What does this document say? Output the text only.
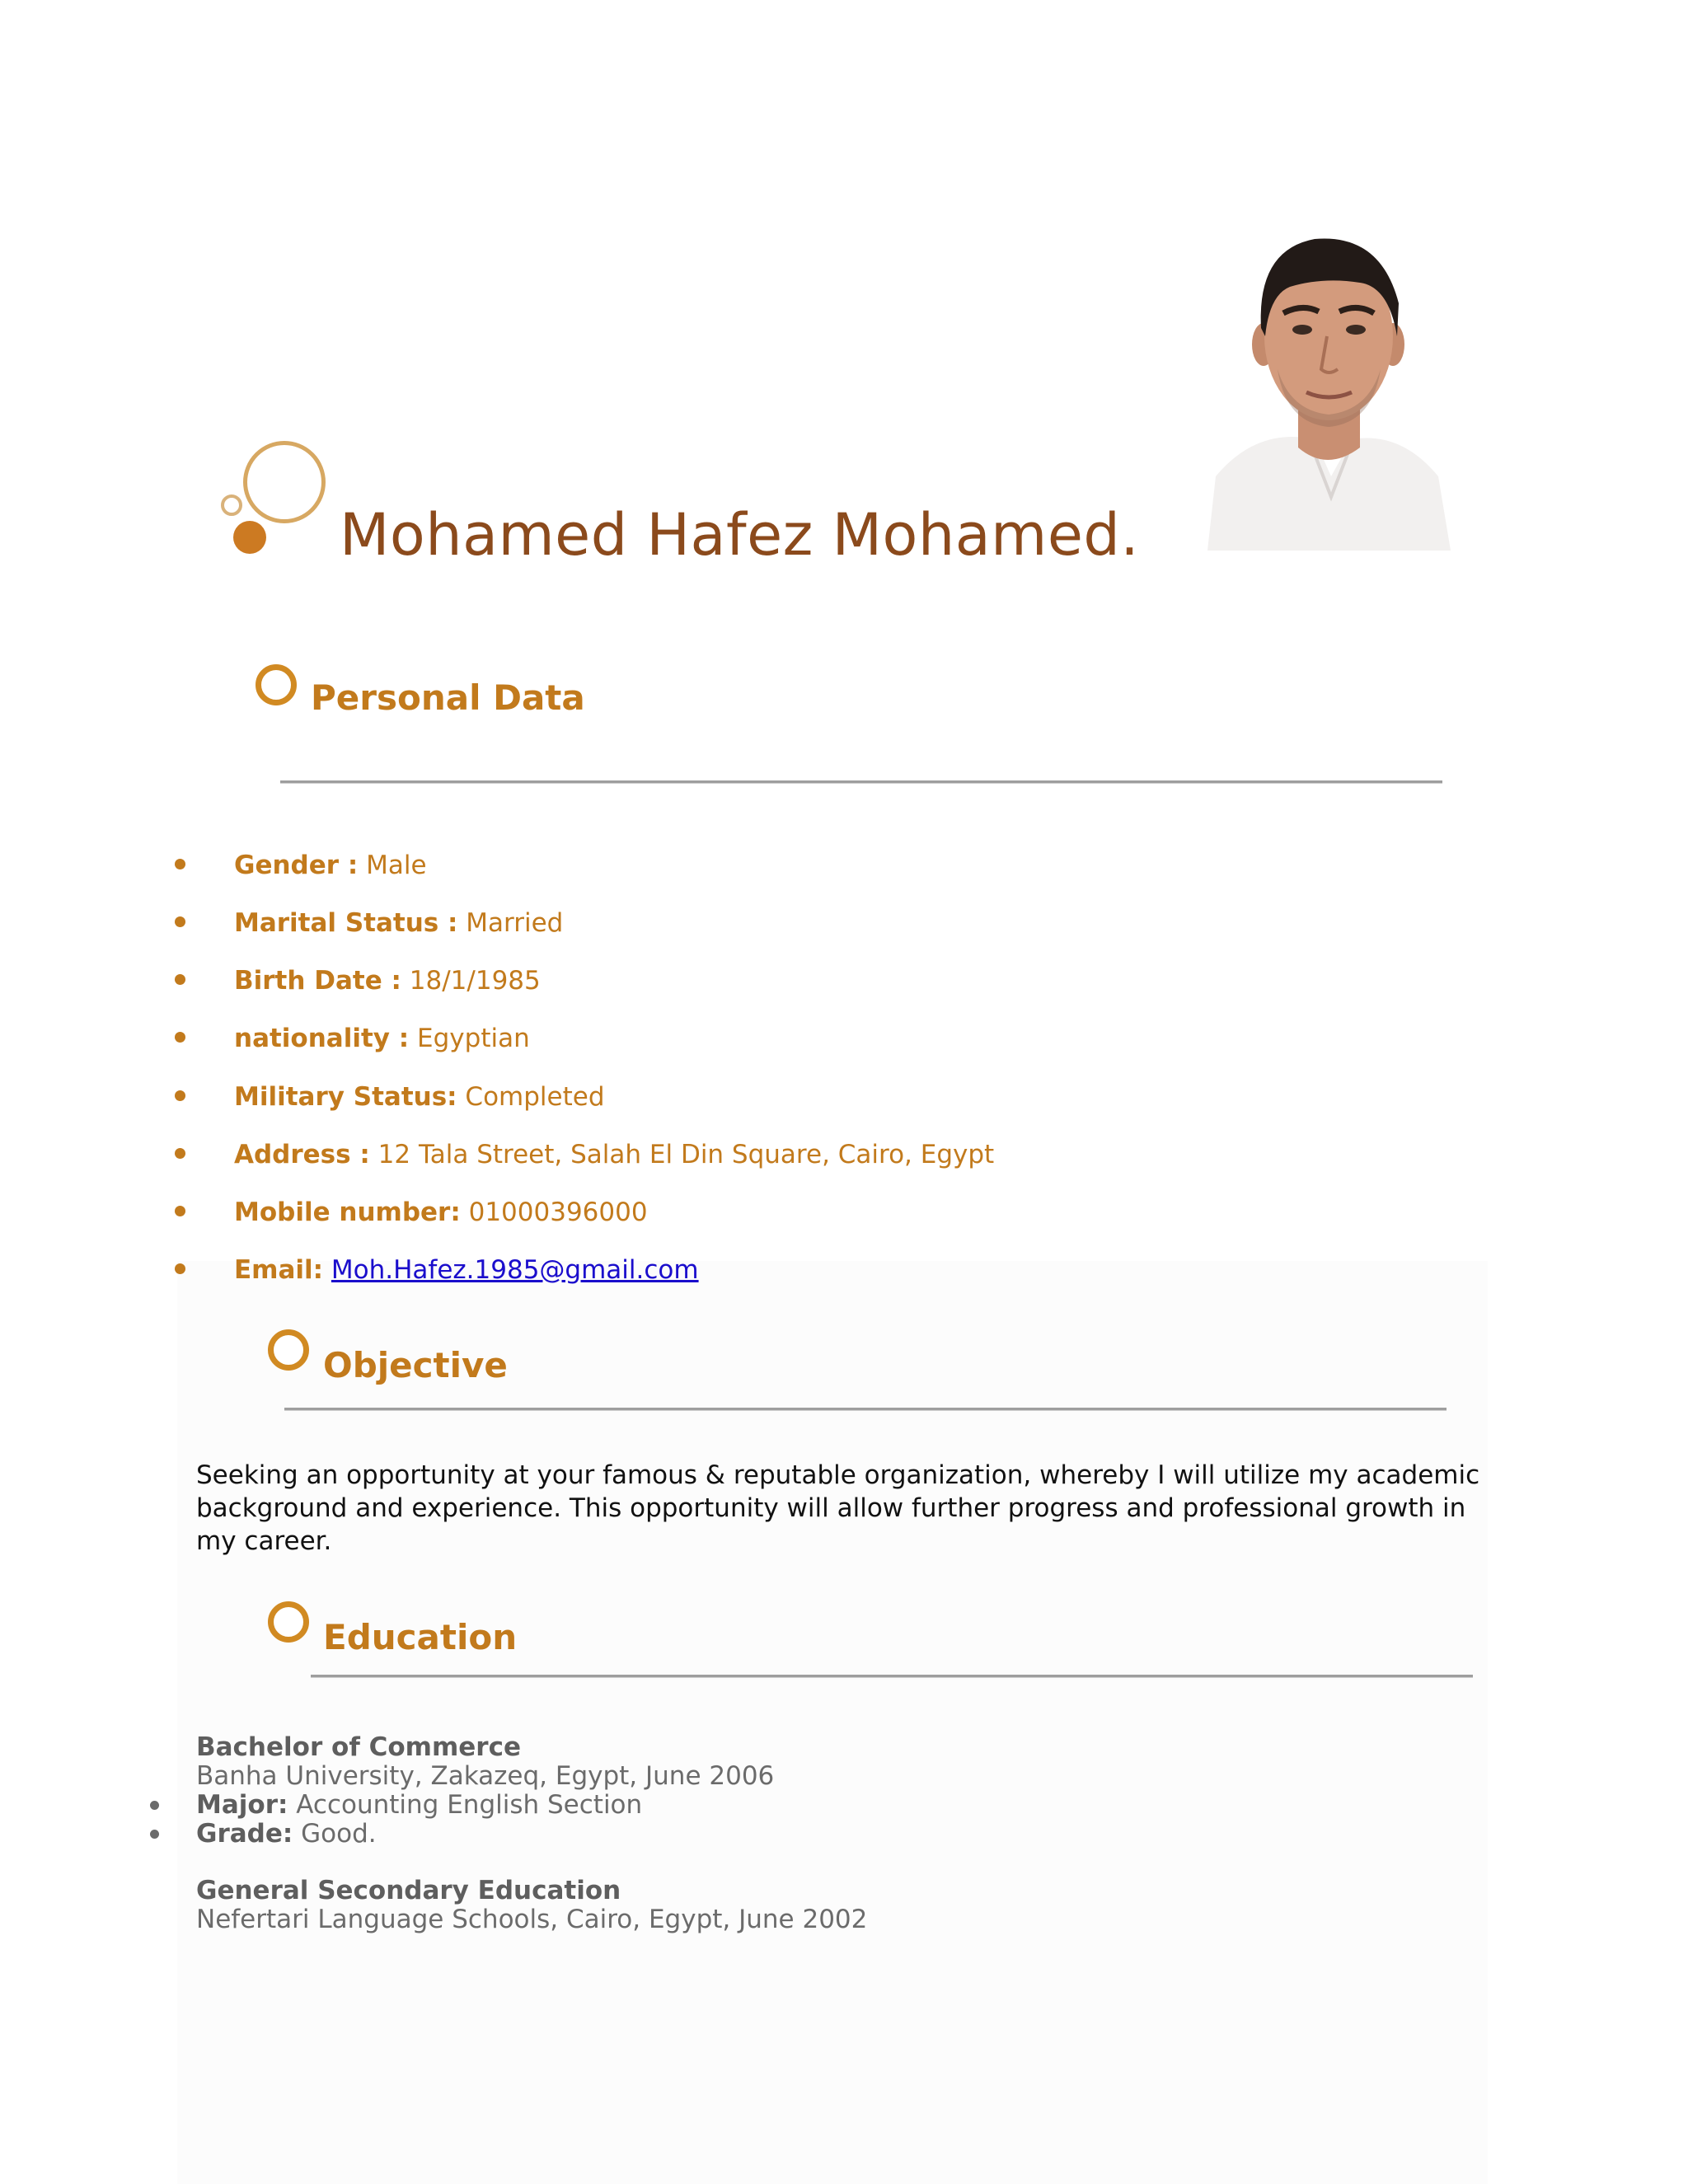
Mohamed Hafez Mohamed.
Personal Data
Gender : Male
Marital Status : Married
Birth Date : 18/1/1985
nationality : Egyptian
Military Status: Completed
Address : 12 Tala Street, Salah El Din Square, Cairo, Egypt
Mobile number: 01000396000
Email: Moh.Hafez.1985@gmail.com
Objective
Seeking an opportunity at your famous & reputable organization, whereby I will utilize my academic background and experience. This opportunity will allow further progress and professional growth in my career.
Education
Bachelor of Commerce
Banha University, Zakazeq, Egypt, June 2006
Major: Accounting English Section
Grade: Good.
General Secondary Education
Nefertari Language Schools, Cairo, Egypt, June 2002
